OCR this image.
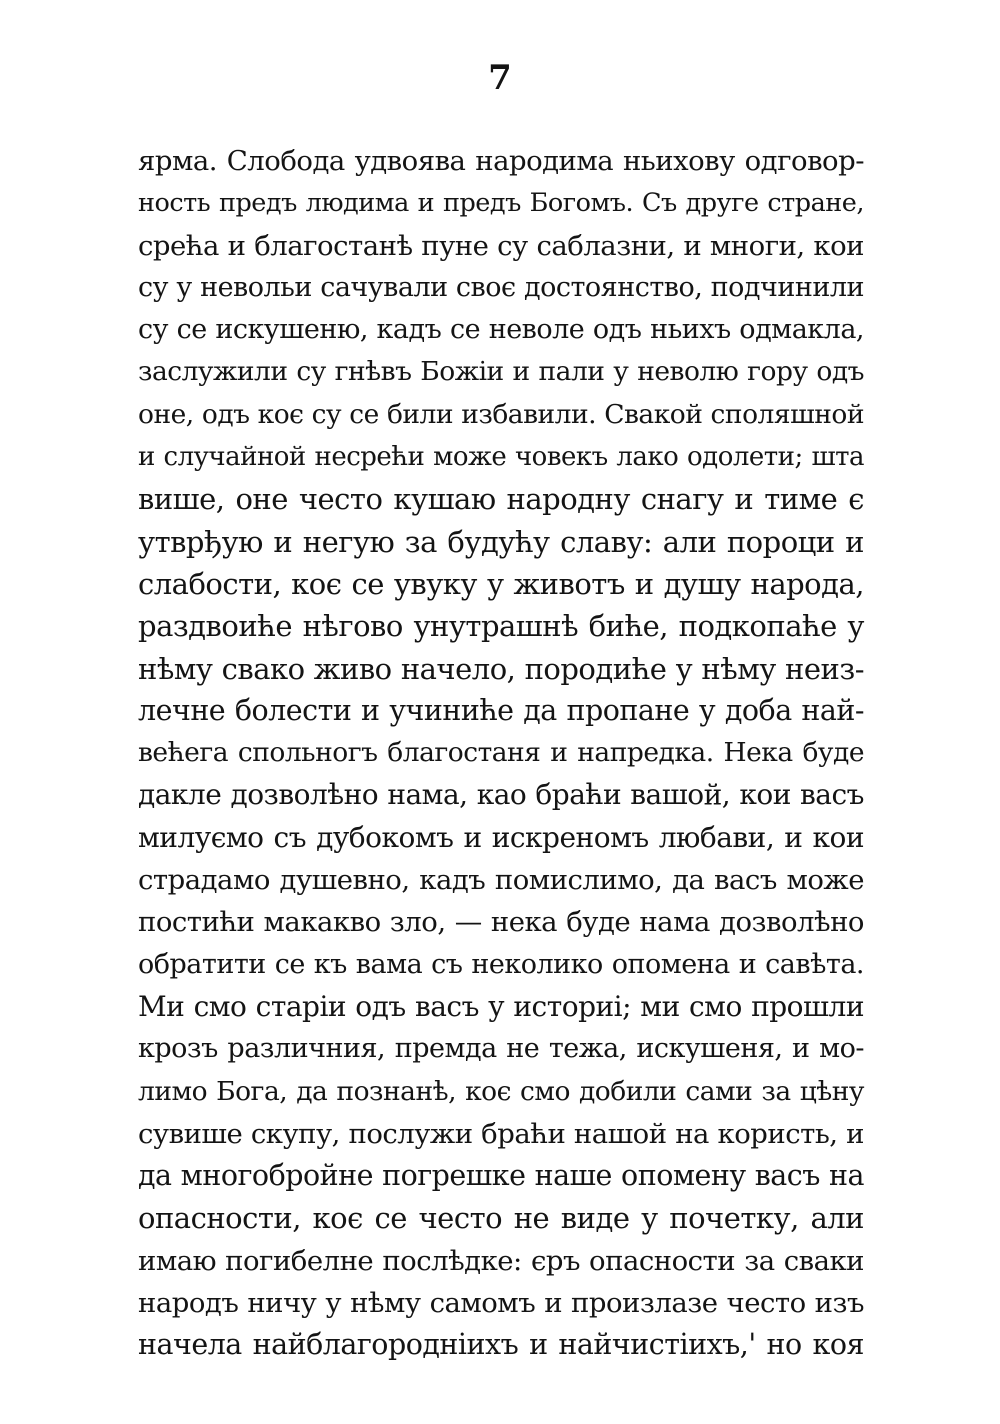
7
ярма. Слобода удвоява народима ньихову одговор-
ность предъ людима и предъ Богомъ. Съ друге стране,
срећа и благостанѣ пуне су саблазни, и многи, кои
су у невольи сачували своє достоянство, подчинили
су се искушеню, кадъ се неволе одъ ньихъ одмакла,
заслужили су гнѣвъ Божіи и пали у неволю гору одъ
оне, одъ коє су се били избавили. Свакой споляшной
и случайной несрећи може човекъ лако одолети; шта
више, оне често кушаю народну снагу и тиме є
утврђую и негую за будућу славу: али пороци и
слабости, коє се увуку у животъ и душу народа,
раздвоиће нѣгово унутрашнѣ биће, подкопаће у
нѣму свако живо начело, породиће у нѣму неиз-
лечне болести и учиниће да пропане у доба най-
већега спольногъ благостаня и напредка. Нека буде
дакле дозволѣно нама, као браћи вашой, кои васъ
милуємо съ дубокомъ и искреномъ любави, и кои
страдамо душевно, кадъ помислимо, да васъ може
постићи макакво зло, — нека буде нама дозволѣно
обратити се къ вама съ неколико опомена и савѣта.
Ми смо старіи одъ васъ у историі; ми смо прошли
крозъ различния, премда не тежа, искушеня, и мо-
лимо Бога, да познанѣ, коє смо добили сами за цѣну
сувише скупу, послужи браћи нашой на користь, и
да многобройне погрешке наше опомену васъ на
опасности, коє се често не виде у почетку, али
имаю погибелне послѣдке: єръ опасности за сваки
народъ ничу у нѣму самомъ и произлазе често изъ
начела найблагороднiихъ и найчистiихъ,' но коя
